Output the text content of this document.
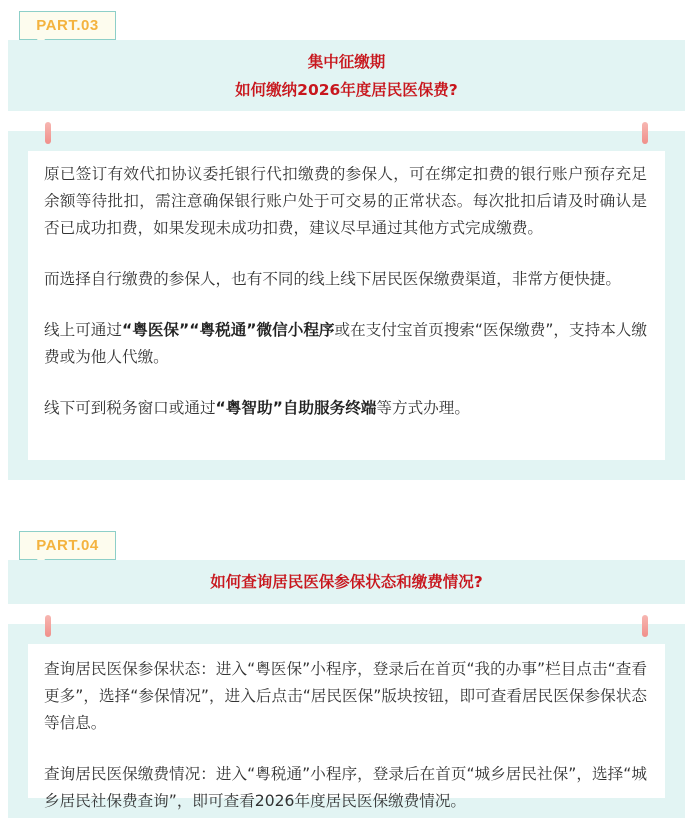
PART.03
集中征缴期
如何缴纳2026年度居民医保费?

原已签订有效代扣协议委托银行代扣缴费的参保人，可在绑定扣费的银行账户预存充足余额等待批扣，需注意确保银行账户处于可交易的正常状态。每次批扣后请及时确认是否已成功扣费，如果发现未成功扣费，建议尽早通过其他方式完成缴费。

而选择自行缴费的参保人，也有不同的线上线下居民医保缴费渠道，非常方便快捷。

线上可通过“粤医保”“粤税通”微信小程序或在支付宝首页搜索“医保缴费”，支持本人缴费或为他人代缴。

线下可到税务窗口或通过“粤智助”自助服务终端等方式办理。

PART.04
如何查询居民医保参保状态和缴费情况?

查询居民医保参保状态：进入“粤医保”小程序，登录后在首页“我的办事”栏目点击“查看更多”，选择“参保情况”，进入后点击“居民医保”版块按钮，即可查看居民医保参保状态等信息。

查询居民医保缴费情况：进入“粤税通”小程序，登录后在首页“城乡居民社保”，选择“城乡居民社保费查询”，即可查看2026年度居民医保缴费情况。
